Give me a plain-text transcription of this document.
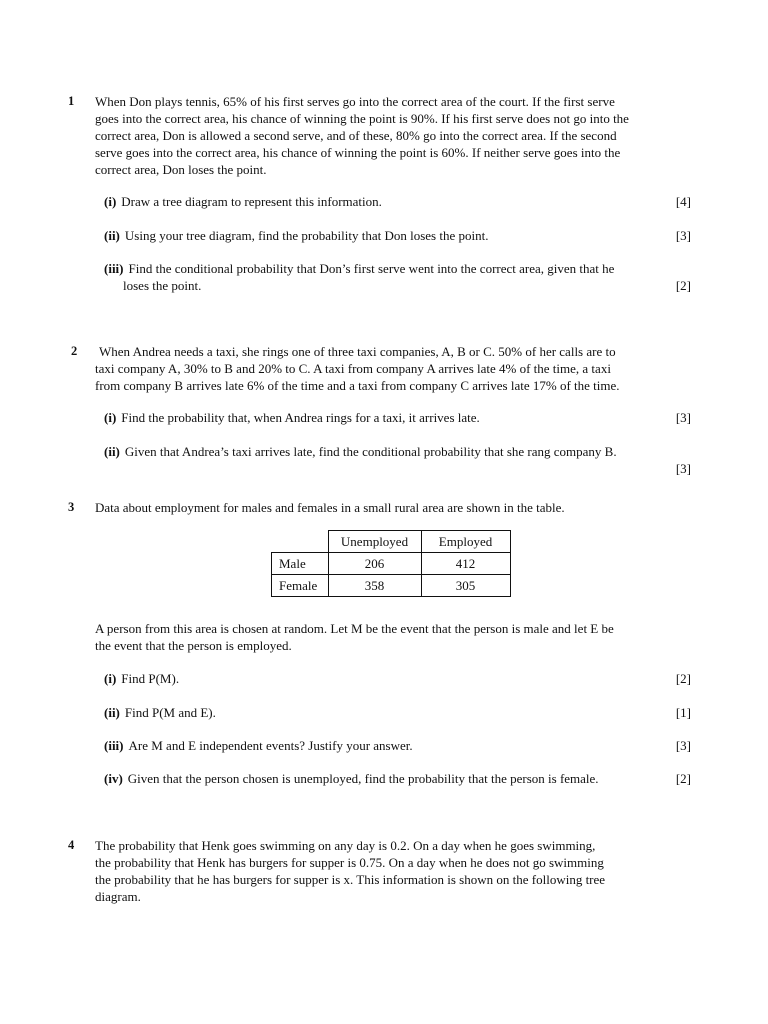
1 When Don plays tennis, 65% of his first serves go into the correct area of the court. If the first serve
goes into the correct area, his chance of winning the point is 90%. If his first serve does not go into the
correct area, Don is allowed a second serve, and of these, 80% go into the correct area. If the second
serve goes into the correct area, his chance of winning the point is 60%. If neither serve goes into the
correct area, Don loses the point.
(i) Draw a tree diagram to represent this information.	[4]
(ii) Using your tree diagram, find the probability that Don loses the point.	[3]
(iii) Find the conditional probability that Don’s first serve went into the correct area, given that he
loses the point.	[2]
2	When Andrea needs a taxi, she rings one of three taxi companies, A, B or C. 50% of her calls are to
taxi company A, 30% to B and 20% to C. A taxi from company A arrives late 4% of the time, a taxi
from company B arrives late 6% of the time and a taxi from company C arrives late 17% of the time.
(i) Find the probability that, when Andrea rings for a taxi, it arrives late.	[3]
(ii) Given that Andrea’s taxi arrives late, find the conditional probability that she rang company B.
[3]
3 Data about employment for males and females in a small rural area are shown in the table.
	Unemployed	Employed
Male	206	412
Female	358	305
A person from this area is chosen at random. Let M be the event that the person is male and let E be
the event that the person is employed.
(i) Find P(M).	[2]
(ii) Find P(M and E).	[1]
(iii) Are M and E independent events? Justify your answer.	[3]
(iv) Given that the person chosen is unemployed, find the probability that the person is female.	[2]
4 The probability that Henk goes swimming on any day is 0.2. On a day when he goes swimming,
the probability that Henk has burgers for supper is 0.75. On a day when he does not go swimming
the probability that he has burgers for supper is x. This information is shown on the following tree
diagram.
